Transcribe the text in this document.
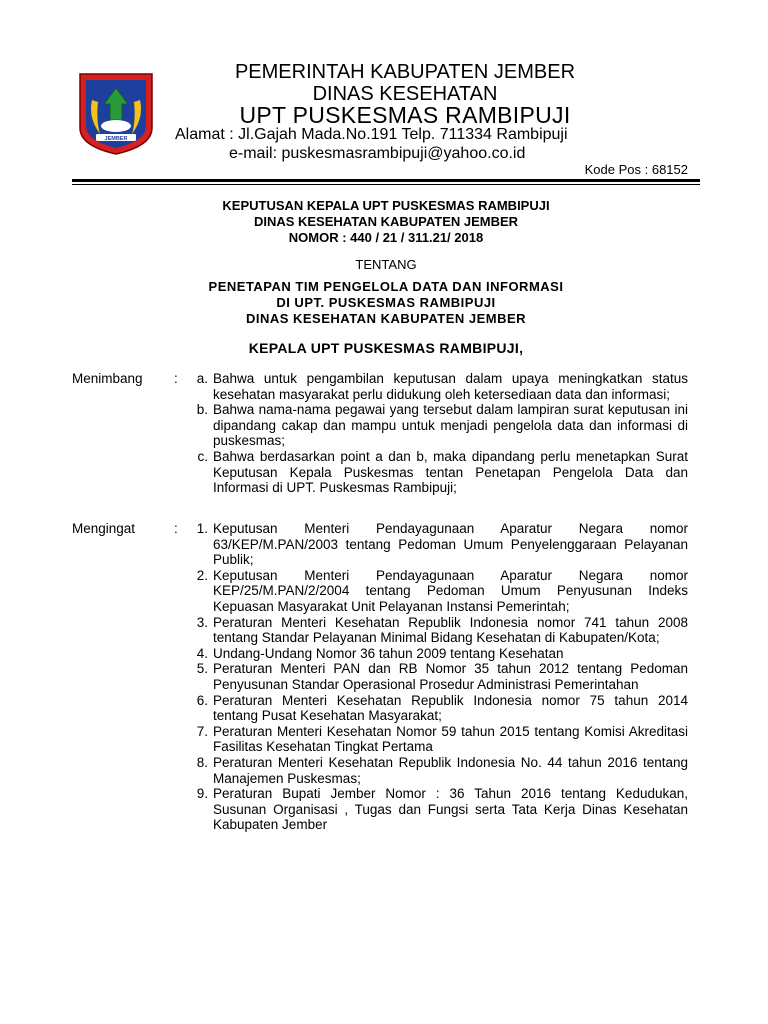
JEMBER
PEMERINTAH KABUPATEN JEMBER
DINAS KESEHATAN
UPT PUSKESMAS RAMBIPUJI
Alamat : Jl.Gajah Mada.No.191 Telp. 711334 Rambipuji
e-mail: puskesmasrambipuji@yahoo.co.id
Kode Pos : 68152
KEPUTUSAN KEPALA UPT PUSKESMAS RAMBIPUJI
DINAS KESEHATAN KABUPATEN JEMBER
NOMOR : 440 / 21 / 311.21/ 2018
TENTANG
PENETAPAN TIM PENGELOLA DATA DAN INFORMASI
DI UPT. PUSKESMAS RAMBIPUJI
DINAS KESEHATAN KABUPATEN JEMBER
KEPALA UPT PUSKESMAS RAMBIPUJI,
Menimbang :	a. Bahwa untuk pengambilan keputusan dalam upaya meningkatkan status kesehatan masyarakat perlu didukung oleh ketersediaan data dan informasi;
b. Bahwa nama-nama pegawai yang tersebut dalam lampiran surat keputusan ini dipandang cakap dan mampu untuk menjadi pengelola data dan informasi di puskesmas;
c. Bahwa berdasarkan point a dan b, maka dipandang perlu menetapkan Surat Keputusan Kepala Puskesmas tentan Penetapan Pengelola Data dan Informasi di UPT. Puskesmas Rambipuji;
Mengingat	:	1. Keputusan Menteri Pendayagunaan Aparatur Negara nomor 63/KEP/M.PAN/2003 tentang Pedoman Umum Penyelenggaraan Pelayanan Publik;
2. Keputusan Menteri Pendayagunaan Aparatur Negara nomor KEP/25/M.PAN/2/2004 tentang Pedoman Umum Penyusunan Indeks Kepuasan Masyarakat Unit Pelayanan Instansi Pemerintah;
3. Peraturan Menteri Kesehatan Republik Indonesia nomor 741 tahun 2008 tentang Standar Pelayanan Minimal Bidang Kesehatan di Kabupaten/Kota;
4. Undang-Undang Nomor 36 tahun 2009 tentang Kesehatan
5. Peraturan Menteri PAN dan RB Nomor 35 tahun 2012 tentang Pedoman Penyusunan Standar Operasional Prosedur Administrasi Pemerintahan
6. Peraturan Menteri Kesehatan Republik Indonesia nomor 75 tahun 2014 tentang Pusat Kesehatan Masyarakat;
7. Peraturan Menteri Kesehatan Nomor 59 tahun 2015 tentang Komisi Akreditasi Fasilitas Kesehatan Tingkat Pertama
8. Peraturan Menteri Kesehatan Republik Indonesia No. 44 tahun 2016 tentang Manajemen Puskesmas;
9. Peraturan Bupati Jember Nomor : 36 Tahun 2016 tentang Kedudukan, Susunan Organisasi , Tugas dan Fungsi serta Tata Kerja Dinas Kesehatan Kabupaten Jember
